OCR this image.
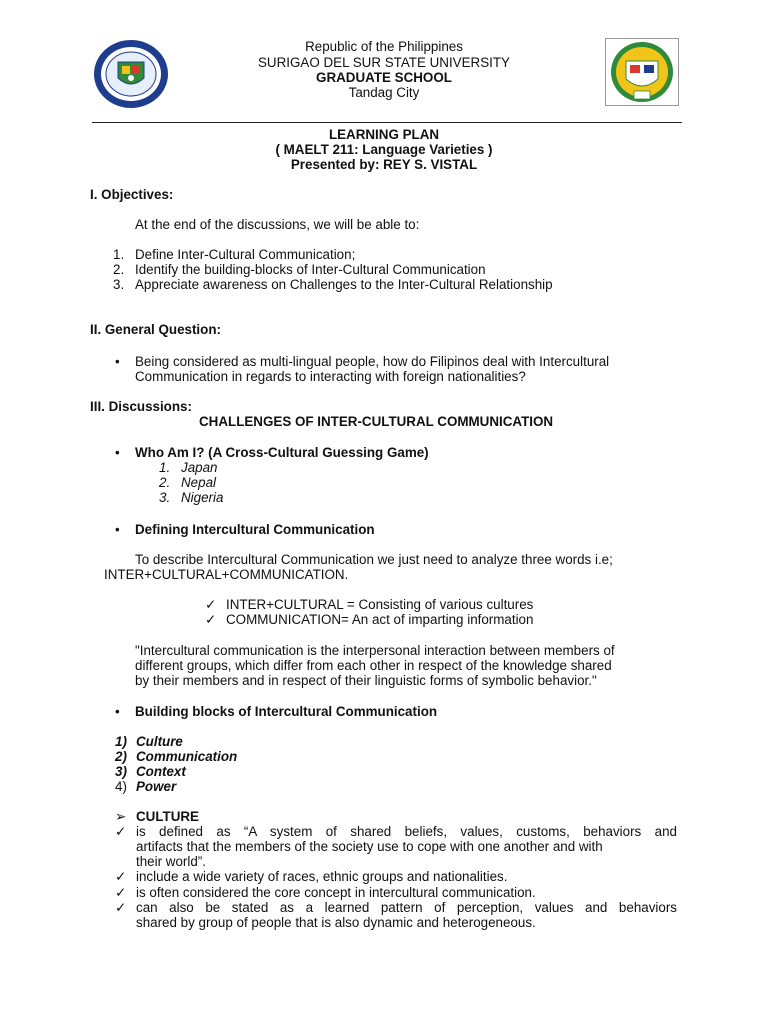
Republic of the Philippines
SURIGAO DEL SUR STATE UNIVERSITY
GRADUATE SCHOOL
Tandag City
LEARNING PLAN
( MAELT 211: Language Varieties )
Presented by: REY S. VISTAL
I. Objectives:
At the end of the discussions, we will be able to:
1. Define Inter-Cultural Communication;
2. Identify the building-blocks of Inter-Cultural Communication
3. Appreciate awareness on Challenges to the Inter-Cultural Relationship
II. General Question:
• Being considered as multi-lingual people, how do Filipinos deal with Intercultural
Communication in regards to interacting with foreign nationalities?
III. Discussions:
CHALLENGES OF INTER-CULTURAL COMMUNICATION
• Who Am I? (A Cross-Cultural Guessing Game)
1. Japan
2. Nepal
3. Nigeria
• Defining Intercultural Communication
To describe Intercultural Communication we just need to analyze three words i.e;
INTER+CULTURAL+COMMUNICATION.
✓ INTER+CULTURAL = Consisting of various cultures
✓ COMMUNICATION= An act of imparting information
"Intercultural communication is the interpersonal interaction between members of
different groups, which differ from each other in respect of the knowledge shared
by their members and in respect of their linguistic forms of symbolic behavior."
• Building blocks of Intercultural Communication
1) Culture
2) Communication
3) Context
4) Power
➢ CULTURE
✓ is defined as “A system of shared beliefs, values, customs, behaviors and
artifacts that the members of the society use to cope with one another and with
their world”.
✓ include a wide variety of races, ethnic groups and nationalities.
✓ is often considered the core concept in intercultural communication.
✓ can also be stated as a learned pattern of perception, values and behaviors
shared by group of people that is also dynamic and heterogeneous.
